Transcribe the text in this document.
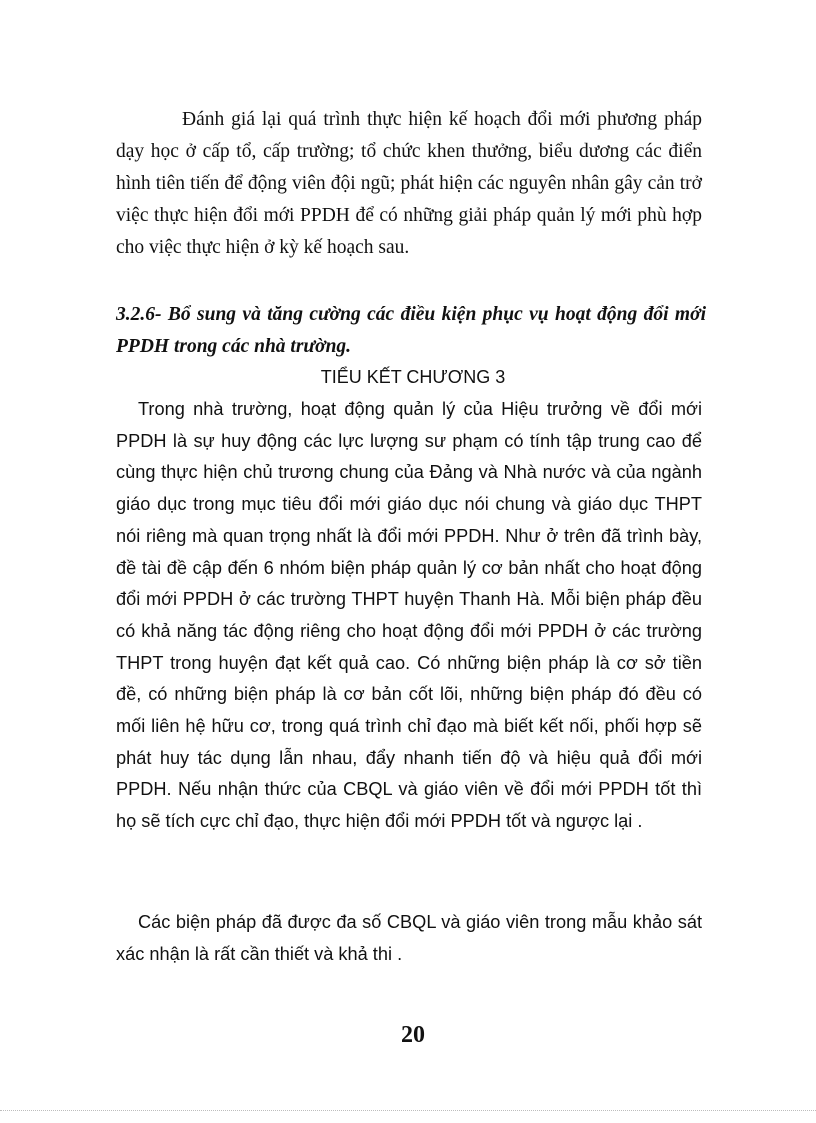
Đánh giá lại quá trình thực hiện kế hoạch đổi mới phương pháp dạy học ở cấp tổ, cấp trường; tổ chức khen thưởng, biểu dương các điển hình tiên tiến để động viên đội ngũ; phát hiện các nguyên nhân gây cản trở việc thực hiện đổi mới PPDH để có những giải pháp quản lý mới phù hợp cho việc thực hiện ở kỳ kế hoạch sau.

3.2.6- Bổ sung và tăng cường các điều kiện phục vụ hoạt động đổi mới PPDH trong các nhà trường.
TIỂU KẾT CHƯƠNG 3

Trong nhà trường, hoạt động quản lý của Hiệu trưởng về đổi mới PPDH là sự huy động các lực lượng sư phạm có tính tập trung cao để cùng thực hiện chủ trương chung của Đảng và Nhà nước và của ngành giáo dục trong mục tiêu đổi mới giáo dục nói chung và giáo dục THPT nói riêng mà quan trọng nhất là đổi mới PPDH. Như ở trên đã trình bày, đề tài đề cập đến 6 nhóm biện pháp quản lý cơ bản nhất cho hoạt động đổi mới PPDH ở các trường THPT huyện Thanh Hà. Mỗi biện pháp đều có khả năng tác động riêng cho hoạt động đổi mới PPDH ở các trường THPT trong huyện đạt kết quả cao. Có những biện pháp là cơ sở tiền đề, có những biện pháp là cơ bản cốt lõi, những biện pháp đó đều có mối liên hệ hữu cơ, trong quá trình chỉ đạo mà biết kết nối, phối hợp sẽ phát huy tác dụng lẫn nhau, đẩy nhanh tiến độ và hiệu quả đổi mới PPDH. Nếu nhận thức của CBQL và giáo viên về đổi mới PPDH tốt thì họ sẽ tích cực chỉ đạo, thực hiện đổi mới PPDH tốt và ngược lại .

Các biện pháp đã được đa số CBQL và giáo viên trong mẫu khảo sát xác nhận là rất cần thiết và khả thi .

20
